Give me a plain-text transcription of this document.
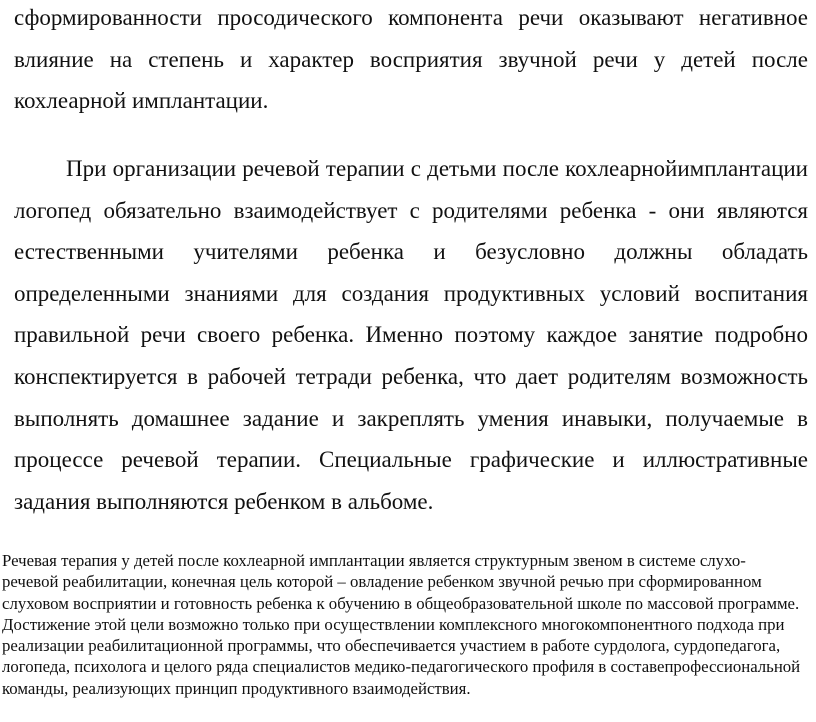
сформированности просодического компонента речи оказывают негативное влияние на степень и характер восприятия звучной речи у детей после кохлеарной имплантации.

При организации речевой терапии с детьми после кохлеарнойимплантации логопед обязательно взаимодействует с родителями ребенка - они являются естественными учителями ребенка и безусловно должны обладать определенными знаниями для создания продуктивных условий воспитания правильной речи своего ребенка. Именно поэтому каждое занятие подробно конспектируется в рабочей тетради ребенка, что дает родителям возможность выполнять домашнее задание и закреплять умения инавыки, получаемые в процессе речевой терапии. Специальные графические и иллюстративные задания выполняются ребенком в альбоме.

Речевая терапия у детей после кохлеарной имплантации является структурным звеном в системе слухо-речевой реабилитации, конечная цель которой – овладение ребенком звучной речью при сформированном слуховом восприятии и готовность ребенка к обучению в общеобразовательной школе по массовой программе. Достижение этой цели возможно только при осуществлении комплексного многокомпонентного подхода при реализации реабилитационной программы, что обеспечивается участием в работе сурдолога, сурдопедагога, логопеда, психолога и целого ряда специалистов медико-педагогического профиля в составепрофессиональной команды, реализующих принцип продуктивного взаимодействия.
